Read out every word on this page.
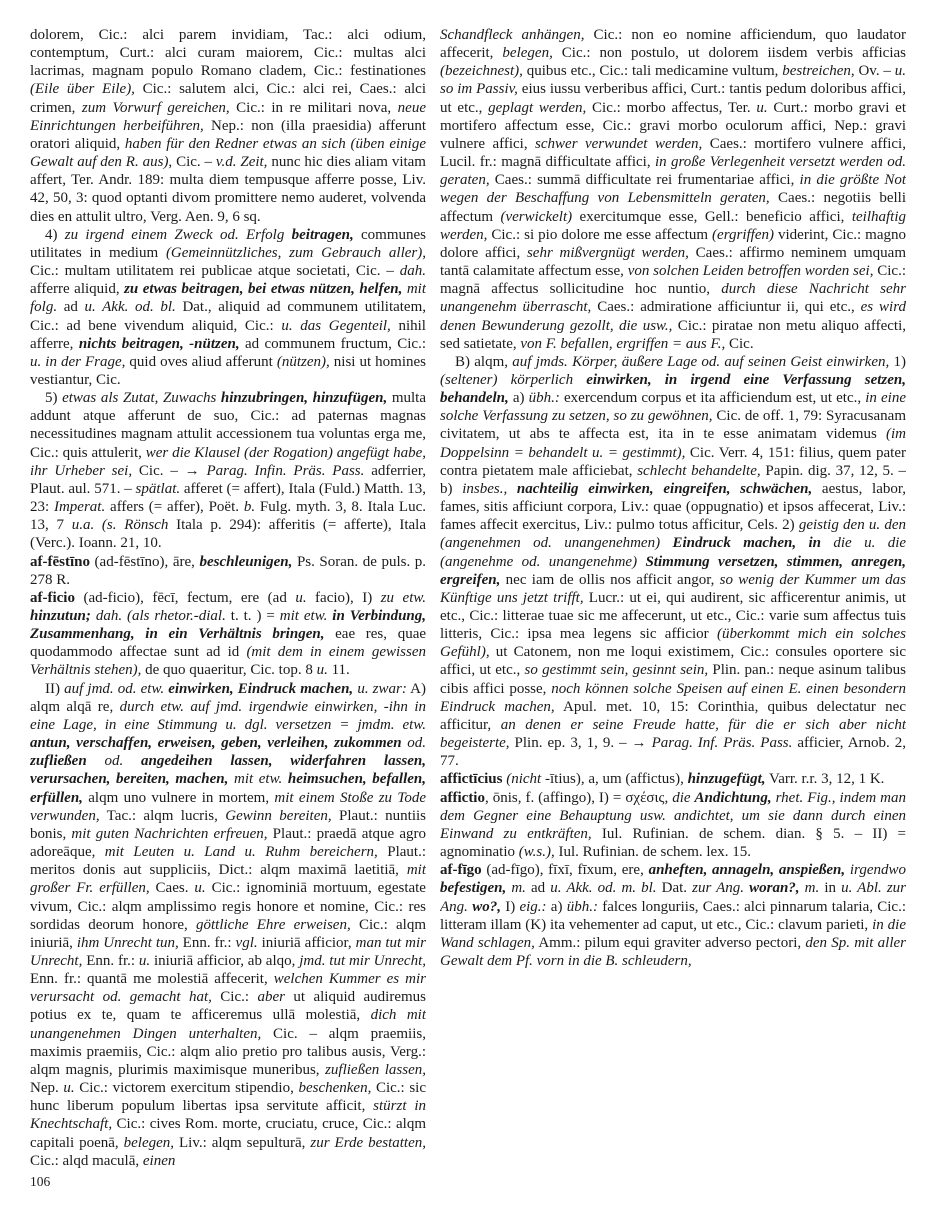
dolorem, Cic.: alci parem invidiam, Tac.: alci odium, contemptum, Curt.: alci curam maiorem, Cic.: multas alci lacrimas, magnam populo Romano cladem, Cic.: festinationes (Eile über Eile), Cic.: salutem alci, Cic.: alci rei, Caes.: alci crimen, zum Vorwurf gereichen, Cic.: in re militari nova, neue Einrichtungen herbeiführen, Nep.: non (illa praesidia) afferunt oratori aliquid, haben für den Redner etwas an sich (üben einige Gewalt auf den R. aus), Cic. – v.d. Zeit, nunc hic dies aliam vitam affert, Ter. Andr. 189: multa diem tempusque afferre posse, Liv. 42, 50, 3: quod optanti divom promittere nemo auderet, volvenda dies en attulit ultro, Verg. Aen. 9, 6 sq.

4) zu irgend einem Zweck od. Erfolg beitragen, communes utilitates in medium (Gemeinnützliches, zum Gebrauch aller), Cic.: multam utilitatem rei publicae atque societati, Cic. – dah. afferre aliquid, zu etwas beitragen, bei etwas nützen, helfen, mit folg. ad u. Akk. od. bl. Dat., aliquid ad communem utilitatem, Cic.: ad bene vivendum aliquid, Cic.: u. das Gegenteil, nihil afferre, nichts beitragen, -nützen, ad communem fructum, Cic.: u. in der Frage, quid oves aliud afferunt (nützen), nisi ut homines vestiantur, Cic.

5) etwas als Zutat, Zuwachs hinzubringen, hinzufügen, multa addunt atque afferunt de suo, Cic.: ad paternas magnas necessitudines magnam attulit accessionem tua voluntas erga me, Cic.: quis attulerit, wer die Klausel (der Rogation) angefügt habe, ihr Urheber sei, Cic. – → Parag. Infin. Präs. Pass. adferrier, Plaut. aul. 571. – spätlat. afferet (= affert), Itala (Fuld.) Matth. 13, 23: Imperat. affers (= affer), Poët. b. Fulg. myth. 3, 8. Itala Luc. 13, 7 u.a. (s. Rönsch Itala p. 294): afferitis (= afferte), Itala (Verc.). Ioann. 21, 10.

af-fēstīno (ad-fēstīno), āre, beschleunigen, Ps. Soran. de puls. p. 278 R.

af-ficio (ad-ficio), fēcī, fectum, ere (ad u. facio), I) zu etw. hinzutun; dah. (als rhetor.-dial. t. t. ) = mit etw. in Verbindung, Zusammenhang, in ein Verhältnis bringen, eae res, quae quodammodo affectae sunt ad id (mit dem in einem gewissen Verhältnis stehen), de quo quaeritur, Cic. top. 8 u. 11.

II) auf jmd. od. etw. einwirken, Eindruck machen, u. zwar: A) alqm alqā re, durch etw. auf jmd. irgendwie einwirken, -ihn in eine Lage, in eine Stimmung u. dgl. versetzen = jmdm. etw. antun, verschaffen, erweisen, geben, verleihen, zukommen od. zufließen od. angedeihen lassen, widerfahren lassen, verursachen, bereiten, machen, mit etw. heimsuchen, befallen, erfüllen, alqm uno vulnere in mortem, mit einem Stoße zu Tode verwunden, Tac.: alqm lucris, Gewinn bereiten, Plaut.: nuntiis bonis, mit guten Nachrichten erfreuen, Plaut.: praedā atque agro adoreāque, mit Leuten u. Land u. Ruhm bereichern, Plaut.: meritos donis aut suppliciis, Dict.: alqm maximā laetitiā, mit großer Fr. erfüllen, Caes. u. Cic.: ignominiā mortuum, egestate vivum, Cic.: alqm amplissimo regis honore et nomine, Cic.: res sordidas deorum honore, göttliche Ehre erweisen, Cic.: alqm iniuriā, ihm Unrecht tun, Enn. fr.: vgl. iniuriā afficior, man tut mir Unrecht, Enn. fr.: u. iniuriā afficior, ab alqo, jmd. tut mir Unrecht, Enn. fr.: quantā me molestiā affecerit, welchen Kummer es mir verursacht od. gemacht hat, Cic.: aber ut aliquid audiremus potius ex te, quam te afficeremus ullā molestiā, dich mit unangenehmen Dingen unterhalten, Cic. – alqm praemiis, maximis praemiis, Cic.: alqm alio pretio pro talibus ausis, Verg.: alqm magnis, plurimis maximisque muneribus, zufließen lassen, Nep. u. Cic.: victorem exercitum stipendio, beschenken, Cic.: sic hunc liberum populum libertas ipsa servitute afficit, stürzt in Knechtschaft, Cic.: cives Rom. morte, cruciatu, cruce, Cic.: alqm capitali poenā, belegen, Liv.: alqm sepulturā, zur Erde bestatten, Cic.: alqd maculā, einen

Schandfleck anhängen, Cic.: non eo nomine afficiendum, quo laudator affecerit, belegen, Cic.: non postulo, ut dolorem iisdem verbis afficias (bezeichnest), quibus etc., Cic.: tali medicamine vultum, bestreichen, Ov. – u. so im Passiv, eius iussu verberibus affici, Curt.: tantis pedum doloribus affici, ut etc., geplagt werden, Cic.: morbo affectus, Ter. u. Curt.: morbo gravi et mortifero affectum esse, Cic.: gravi morbo oculorum affici, Nep.: gravi vulnere affici, schwer verwundet werden, Caes.: mortifero vulnere affici, Lucil. fr.: magnā difficultate affici, in große Verlegenheit versetzt werden od. geraten, Caes.: summā difficultate rei frumentariae affici, in die größte Not wegen der Beschaffung von Lebensmitteln geraten, Caes.: negotiis belli affectum (verwickelt) exercitumque esse, Gell.: beneficio affici, teilhaftig werden, Cic.: si pio dolore me esse affectum (ergriffen) viderint, Cic.: magno dolore affici, sehr mißvergnügt werden, Caes.: affirmo neminem umquam tantā calamitate affectum esse, von solchen Leiden betroffen worden sei, Cic.: magnā affectus sollicitudine hoc nuntio, durch diese Nachricht sehr unangenehm überrascht, Caes.: admiratione afficiuntur ii, qui etc., es wird denen Bewunderung gezollt, die usw., Cic.: piratae non metu aliquo affecti, sed satietate, von F. befallen, ergriffen = aus F., Cic.

B) alqm, auf jmds. Körper, äußere Lage od. auf seinen Geist einwirken, 1) (seltener) körperlich einwirken, in irgend eine Verfassung setzen, behandeln, a) übh.: exercendum corpus et ita afficiendum est, ut etc., in eine solche Verfassung zu setzen, so zu gewöhnen, Cic. de off. 1, 79: Syracusanam civitatem, ut abs te affecta est, ita in te esse animatam videmus (im Doppelsinn = behandelt u. = gestimmt), Cic. Verr. 4, 151: filius, quem pater contra pietatem male afficiebat, schlecht behandelte, Papin. dig. 37, 12, 5. – b) insbes., nachteilig einwirken, eingreifen, schwächen, aestus, labor, fames, sitis afficiunt corpora, Liv.: quae (oppugnatio) et ipsos affecerat, Liv.: fames affecit exercitus, Liv.: pulmo totus afficitur, Cels. 2) geistig den u. den (angenehmen od. unangenehmen) Eindruck machen, in die u. die (angenehme od. unangenehme) Stimmung versetzen, stimmen, anregen, ergreifen, nec iam de ollis nos afficit angor, so wenig der Kummer um das Künftige uns jetzt trifft, Lucr.: ut ei, qui audirent, sic afficerentur animis, ut etc., Cic.: litterae tuae sic me affecerunt, ut etc., Cic.: varie sum affectus tuis litteris, Cic.: ipsa mea legens sic afficior (überkommt mich ein solches Gefühl), ut Catonem, non me loqui existimem, Cic.: consules oportere sic affici, ut etc., so gestimmt sein, gesinnt sein, Plin. pan.: neque asinum talibus cibis affici posse, noch können solche Speisen auf einen E. einen besondern Eindruck machen, Apul. met. 10, 15: Corinthia, quibus delectatur nec afficitur, an denen er seine Freude hatte, für die er sich aber nicht begeisterte, Plin. ep. 3, 1, 9. – → Parag. Inf. Präs. Pass. afficier, Arnob. 2, 77.

affictīcius (nicht -ītius), a, um (affictus), hinzugefügt, Varr. r.r. 3, 12, 1 K.

affictio, ōnis, f. (affingo), I) = σχέσις, die Andichtung, rhet. Fig., indem man dem Gegner eine Behauptung usw. andichtet, um sie dann durch einen Einwand zu entkräften, Iul. Rufinian. de schem. dian. § 5. – II) = agnominatio (w.s.), Iul. Rufinian. de schem. lex. 15.

af-fīgo (ad-fīgo), fīxī, fīxum, ere, anheften, annageln, anspießen, irgendwo befestigen, m. ad u. Akk. od. m. bl. Dat. zur Ang. woran?, m. in u. Abl. zur Ang. wo?, I) eig.: a) übh.: falces longuriis, Caes.: alci pinnarum talaria, Cic.: litteram illam (K) ita vehementer ad caput, ut etc., Cic.: clavum parieti, in die Wand schlagen, Amm.: pilum equi graviter adverso pectori, den Sp. mit aller Gewalt dem Pf. vorn in die B. schleudern,

106
